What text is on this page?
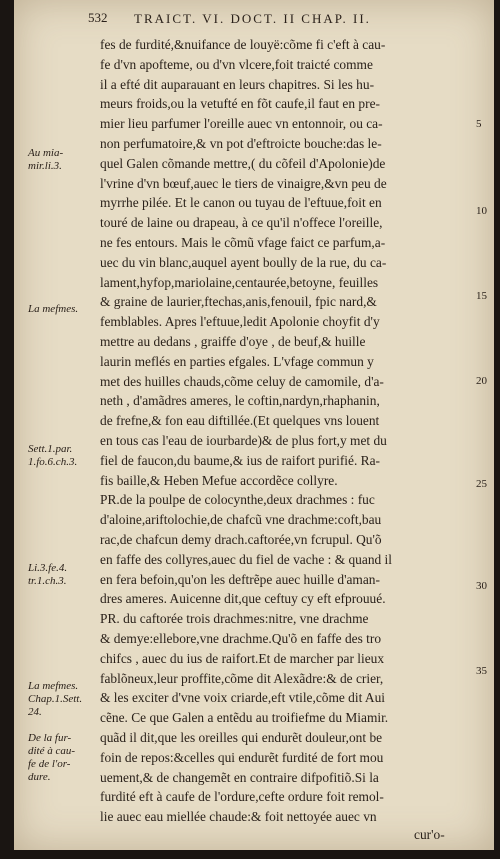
532 TRAICT. VI. DOCT. II CHAP. II.
fes de furdité,&nuifance de louyë:cõme fi c'eft à cau-
fe d'vn apofteme, ou d'vn vlcere,foit traicté comme
il a efté dit auparauant en leurs chapitres. Si les hu-
meurs froids,ou la vetufté en fõt caufe,il faut en pre-
mier lieu parfumer l'oreille auec vn entonnoir, ou ca-
non perfumatoire,& vn pot d'eftroicte bouche:das le-
quel Galen cõmande mettre,( du cõfeil d'Apolonie)de
l'vrine d'vn bœuf,auec le tiers de vinaigre,&vn peu de
myrrhe pilée. Et le canon ou tuyau de l'eftuue,foit en
touré de laine ou drapeau, à ce qu'il n'offece l'oreille,
ne fes entours. Mais le cõmũ vfage faict ce parfum,a-
uec du vin blanc,auquel ayent boully de la rue, du ca-
lament,hyfop,mariolaine,centaurée,betoyne, feuilles
& graine de laurier,ftechas,anis,fenouil, fpic nard,&
femblables. Apres l'eftuue,ledit Apolonie choyfit d'y
mettre au dedans , graiffe d'oye , de beuf,& huille
laurin meflés en parties efgales. L'vfage commun y
met des huilles chauds,cõme celuy de camomile, d'a-
neth , d'amãdres ameres, le coftin,nardyn,rhaphanin,
de frefne,& fon eau diftillée.(Et quelques vns louent
en tous cas l'eau de iourbarde)& de plus fort,y met du
fiel de faucon,du baume,& ius de raifort purifié. Ra-
fis baille,& Heben Mefue accordẽce collyre.
PR.de la poulpe de colocynthe,deux drachmes : fuc
d'aloine,ariftolochie,de chafcũ vne drachme:coft,bau
rac,de chafcun demy drach.caftorée,vn fcrupul. Qu'õ
en faffe des collyres,auec du fiel de vache : & quand il
en fera befoin,qu'on les deftrẽpe auec huille d'aman-
dres ameres. Auicenne dit,que ceftuy cy eft efprouué.
PR. du caftorée trois drachmes:nitre, vne drachme
& demye:ellebore,vne drachme.Qu'õ en faffe des tro
chifcs , auec du ius de raifort.Et de marcher par lieux
fablõneux,leur proffite,cõme dit Alexãdre:& de crier,
& les exciter d'vne voix criarde,eft vtile,cõme dit Aui
cẽne. Ce que Galen a entẽdu au troifiefme du Miamir.
quãd il dit,que les oreilles qui endurẽt douleur,ont be
foin de repos:&celles qui endurẽt furdité de fort mou
uement,& de changemẽt en contraire difpofitiõ.Si la
furdité eft à caufe de l'ordure,cefte ordure foit remol-
lie auec eau miellée chaude:& foit nettoyée auec vn
Au mia-
mir.li.3.
La mefmes.
Sett.1.par.
1.fo.6.ch.3.
Li.3.fe.4.
tr.1.ch.3.
La mefmes.
Chap.1.Sett.
24.
De la fur-
dité à cau-
fe de l'or-
dure.
5
10
15
20
25
30
35
cur'o-
